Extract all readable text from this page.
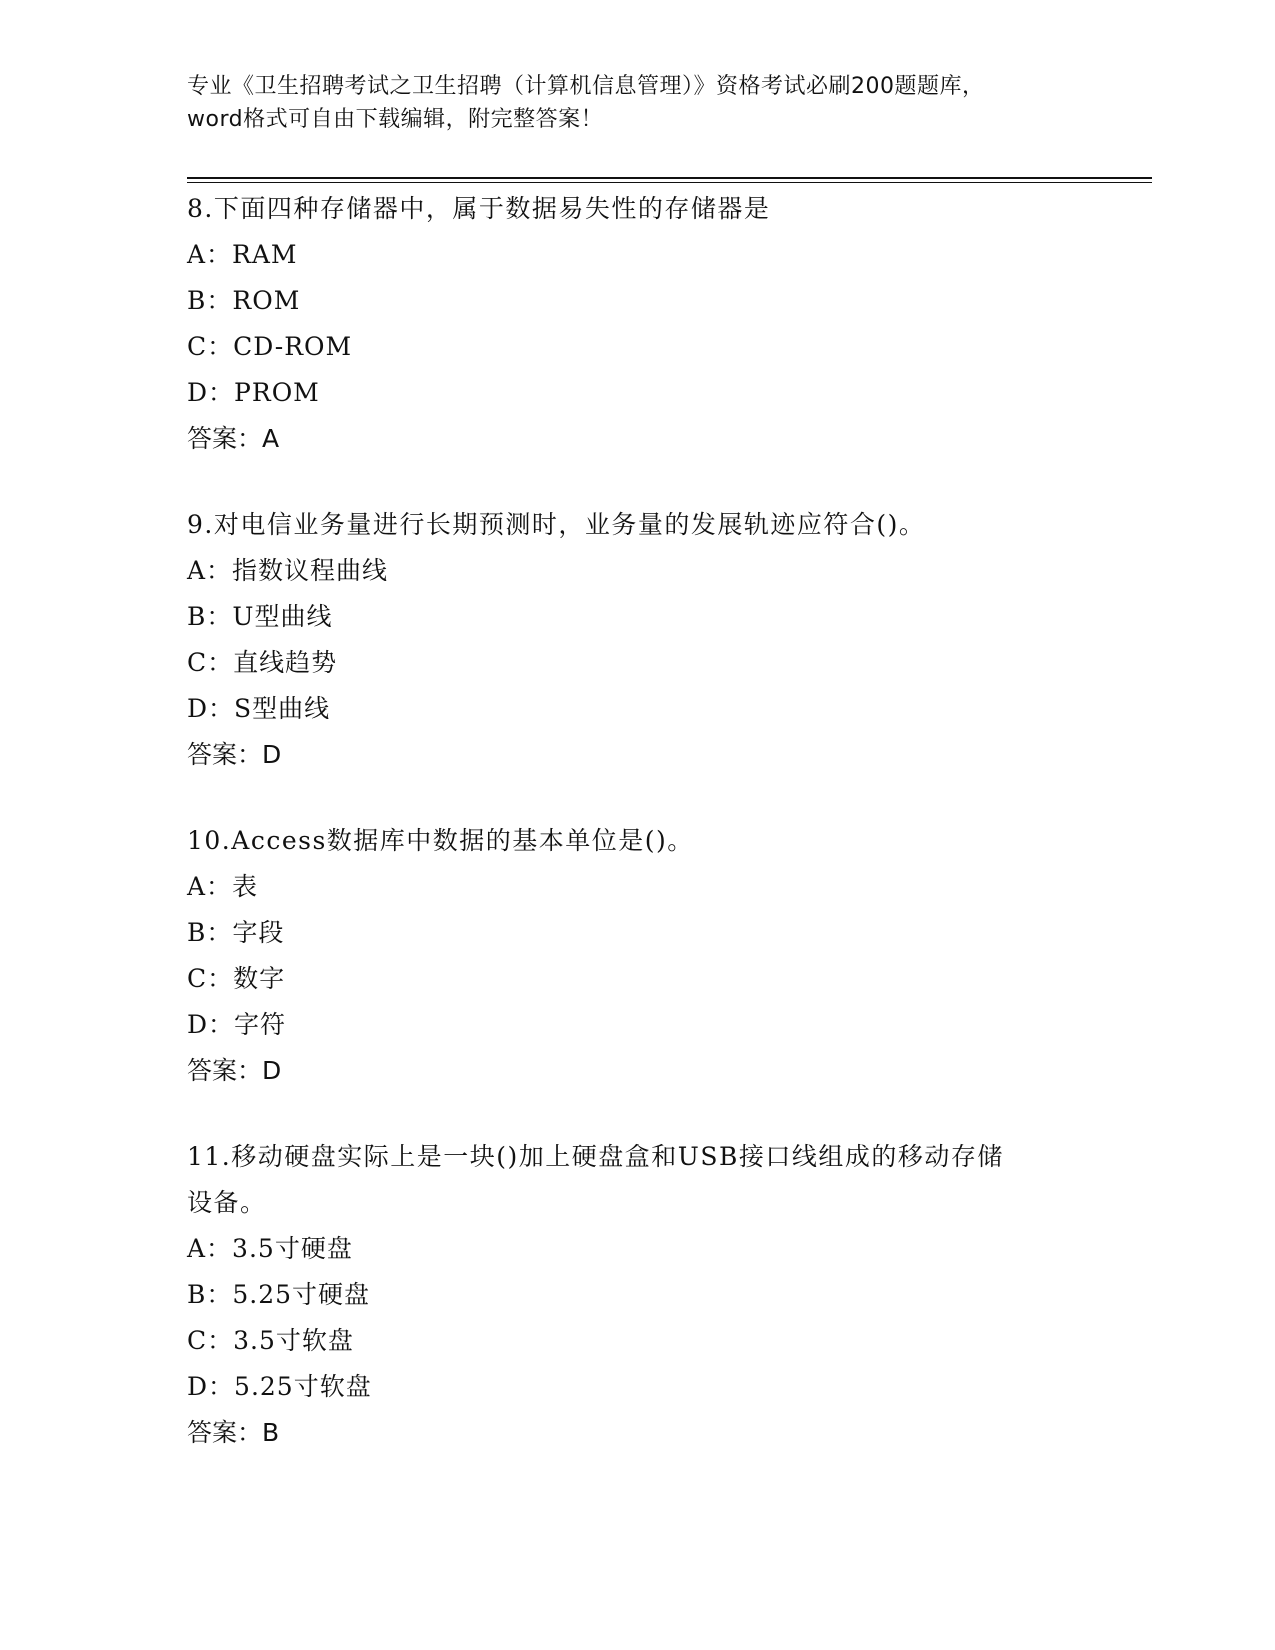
专业《卫生招聘考试之卫生招聘（计算机信息管理）》资格考试必刷200题题库，
word格式可自由下载编辑，附完整答案！

8.下面四种存储器中，属于数据易失性的存储器是

A：RAM

B：ROM

C：CD-ROM

D：PROM

答案：A

9.对电信业务量进行长期预测时，业务量的发展轨迹应符合()。

A：指数议程曲线

B：U型曲线

C：直线趋势

D：S型曲线

答案：D

10.Access数据库中数据的基本单位是()。

A：表

B：字段

C：数字

D：字符

答案：D

11.移动硬盘实际上是一块()加上硬盘盒和USB接口线组成的移动存储

设备。

A：3.5寸硬盘

B：5.25寸硬盘

C：3.5寸软盘

D：5.25寸软盘

答案：B
